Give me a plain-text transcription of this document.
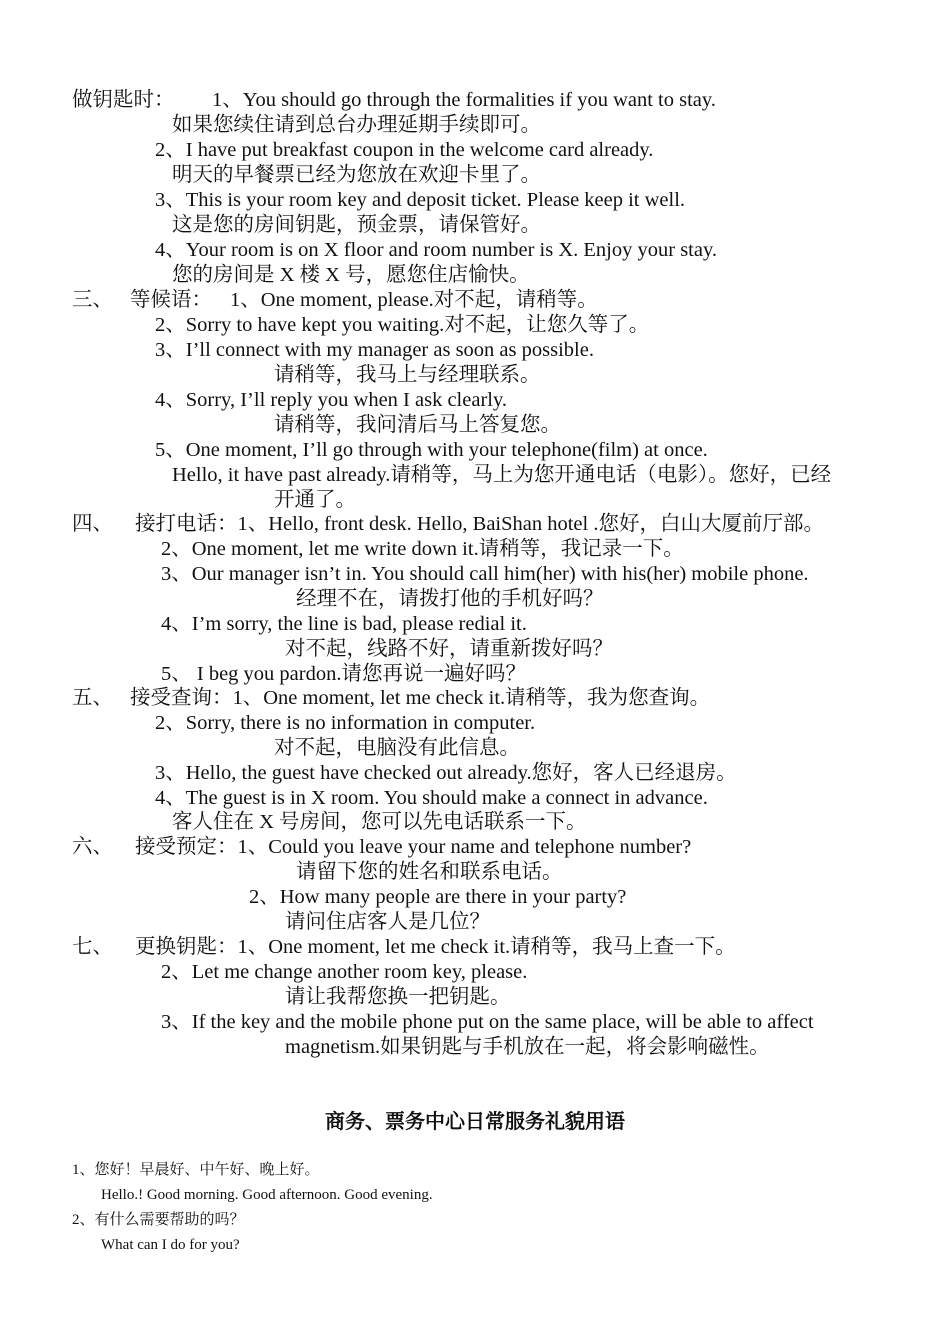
做钥匙时： 1、You should go through the formalities if you want to stay.
如果您续住请到总台办理延期手续即可。
2、I have put breakfast coupon in the welcome card already.
明天的早餐票已经为您放在欢迎卡里了。
3、This is your room key and deposit ticket. Please keep it well.
这是您的房间钥匙，预金票，请保管好。
4、Your room is on X floor and room number is X. Enjoy your stay.
您的房间是 X 楼 X 号，愿您住店愉快。
三、 等候语： 1、One moment, please.对不起，请稍等。
2、Sorry to have kept you waiting.对不起，让您久等了。
3、I’ll connect with my manager as soon as possible.
请稍等，我马上与经理联系。
4、Sorry, I’ll reply you when I ask clearly.
请稍等，我问清后马上答复您。
5、One moment, I’ll go through with your telephone(film) at once.
Hello, it have past already.请稍等，马上为您开通电话（电影）。您好，已经
开通了。
四、 接打电话：1、Hello, front desk. Hello, BaiShan hotel .您好，白山大厦前厅部。
2、One moment, let me write down it.请稍等，我记录一下。
3、Our manager isn’t in. You should call him(her) with his(her) mobile phone.
经理不在，请拨打他的手机好吗？
4、I’m sorry, the line is bad, please redial it.
对不起，线路不好，请重新拨好吗？
5、 I beg you pardon.请您再说一遍好吗？
五、 接受查询：1、One moment, let me check it.请稍等，我为您查询。
2、Sorry, there is no information in computer.
对不起，电脑没有此信息。
3、Hello, the guest have checked out already.您好，客人已经退房。
4、The guest is in X room. You should make a connect in advance.
客人住在 X 号房间，您可以先电话联系一下。
六、 接受预定：1、Could you leave your name and telephone number?
请留下您的姓名和联系电话。
2、How many people are there in your party?
请问住店客人是几位？
七、 更换钥匙：1、One moment, let me check it.请稍等，我马上查一下。
2、Let me change another room key, please.
请让我帮您换一把钥匙。
3、If the key and the mobile phone put on the same place, will be able to affect
magnetism.如果钥匙与手机放在一起，将会影响磁性。
商务、票务中心日常服务礼貌用语
1、您好！早晨好、中午好、晚上好。
Hello.! Good morning. Good afternoon. Good evening.
2、有什么需要帮助的吗？
What can I do for you?
